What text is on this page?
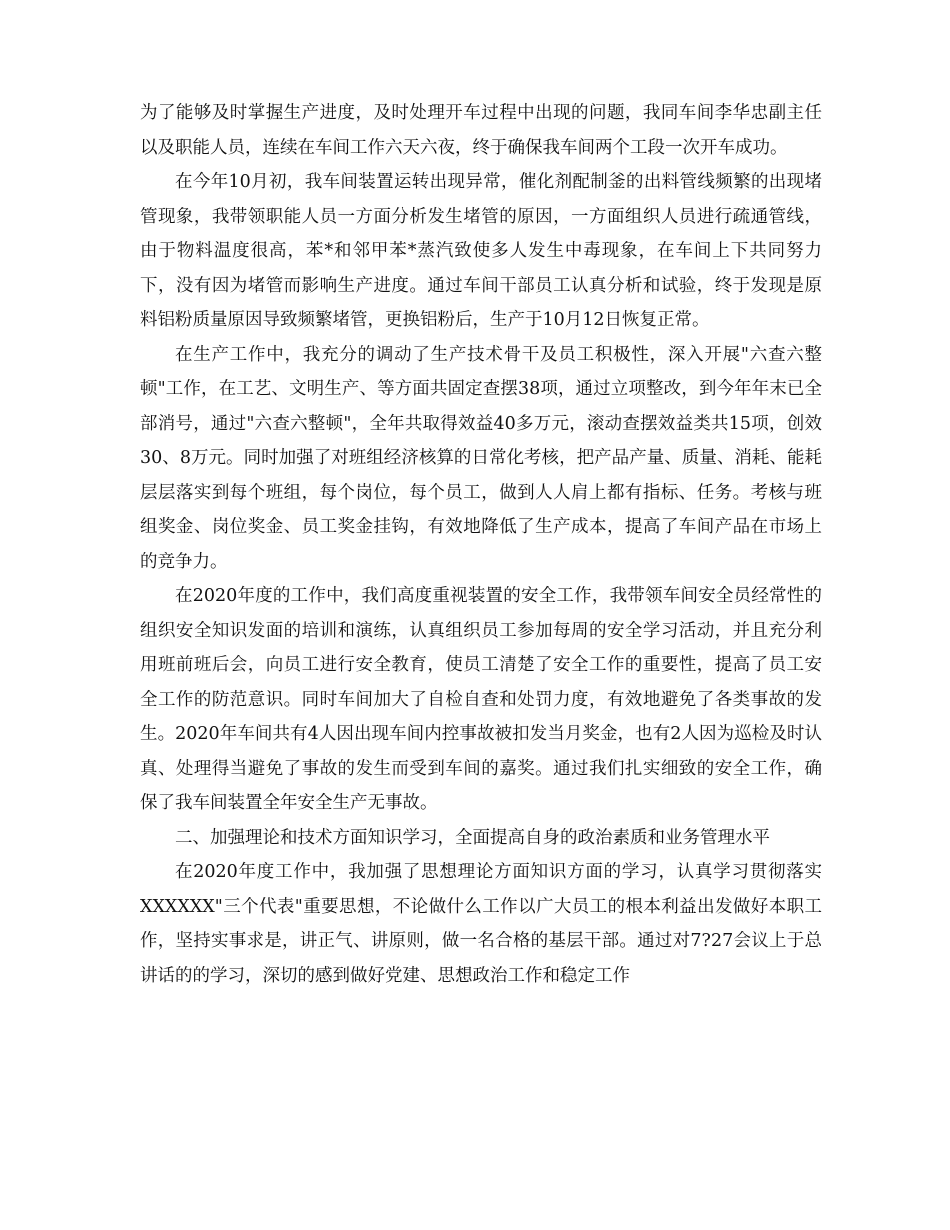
为了能够及时掌握生产进度，及时处理开车过程中出现的问题，我同车间李华忠副主任以及职能人员，连续在车间工作六天六夜，终于确保我车间两个工段一次开车成功。

在今年10月初，我车间装置运转出现异常，催化剂配制釜的出料管线频繁的出现堵管现象，我带领职能人员一方面分析发生堵管的原因，一方面组织人员进行疏通管线，由于物料温度很高，苯*和邻甲苯*蒸汽致使多人发生中毒现象，在车间上下共同努力下，没有因为堵管而影响生产进度。通过车间干部员工认真分析和试验，终于发现是原料铝粉质量原因导致频繁堵管，更换铝粉后，生产于10月12日恢复正常。

在生产工作中，我充分的调动了生产技术骨干及员工积极性，深入开展"六查六整顿"工作，在工艺、文明生产、等方面共固定查摆38项，通过立项整改，到今年年末已全部消号，通过"六查六整顿"，全年共取得效益40多万元，滚动查摆效益类共15项，创效30、8万元。同时加强了对班组经济核算的日常化考核，把产品产量、质量、消耗、能耗层层落实到每个班组，每个岗位，每个员工，做到人人肩上都有指标、任务。考核与班组奖金、岗位奖金、员工奖金挂钩，有效地降低了生产成本，提高了车间产品在市场上的竞争力。

在2020年度的工作中，我们高度重视装置的安全工作，我带领车间安全员经常性的组织安全知识发面的培训和演练，认真组织员工参加每周的安全学习活动，并且充分利用班前班后会，向员工进行安全教育，使员工清楚了安全工作的重要性，提高了员工安全工作的防范意识。同时车间加大了自检自查和处罚力度，有效地避免了各类事故的发生。2020年车间共有4人因出现车间内控事故被扣发当月奖金，也有2人因为巡检及时认真、处理得当避免了事故的发生而受到车间的嘉奖。通过我们扎实细致的安全工作，确保了我车间装置全年安全生产无事故。

二、加强理论和技术方面知识学习，全面提高自身的政治素质和业务管理水平

在2020年度工作中，我加强了思想理论方面知识方面的学习，认真学习贯彻落实XXXXXX"三个代表"重要思想，不论做什么工作以广大员工的根本利益出发做好本职工作，坚持实事求是，讲正气、讲原则，做一名合格的基层干部。通过对7?27会议上于总讲话的的学习，深切的感到做好党建、思想政治工作和稳定工作
